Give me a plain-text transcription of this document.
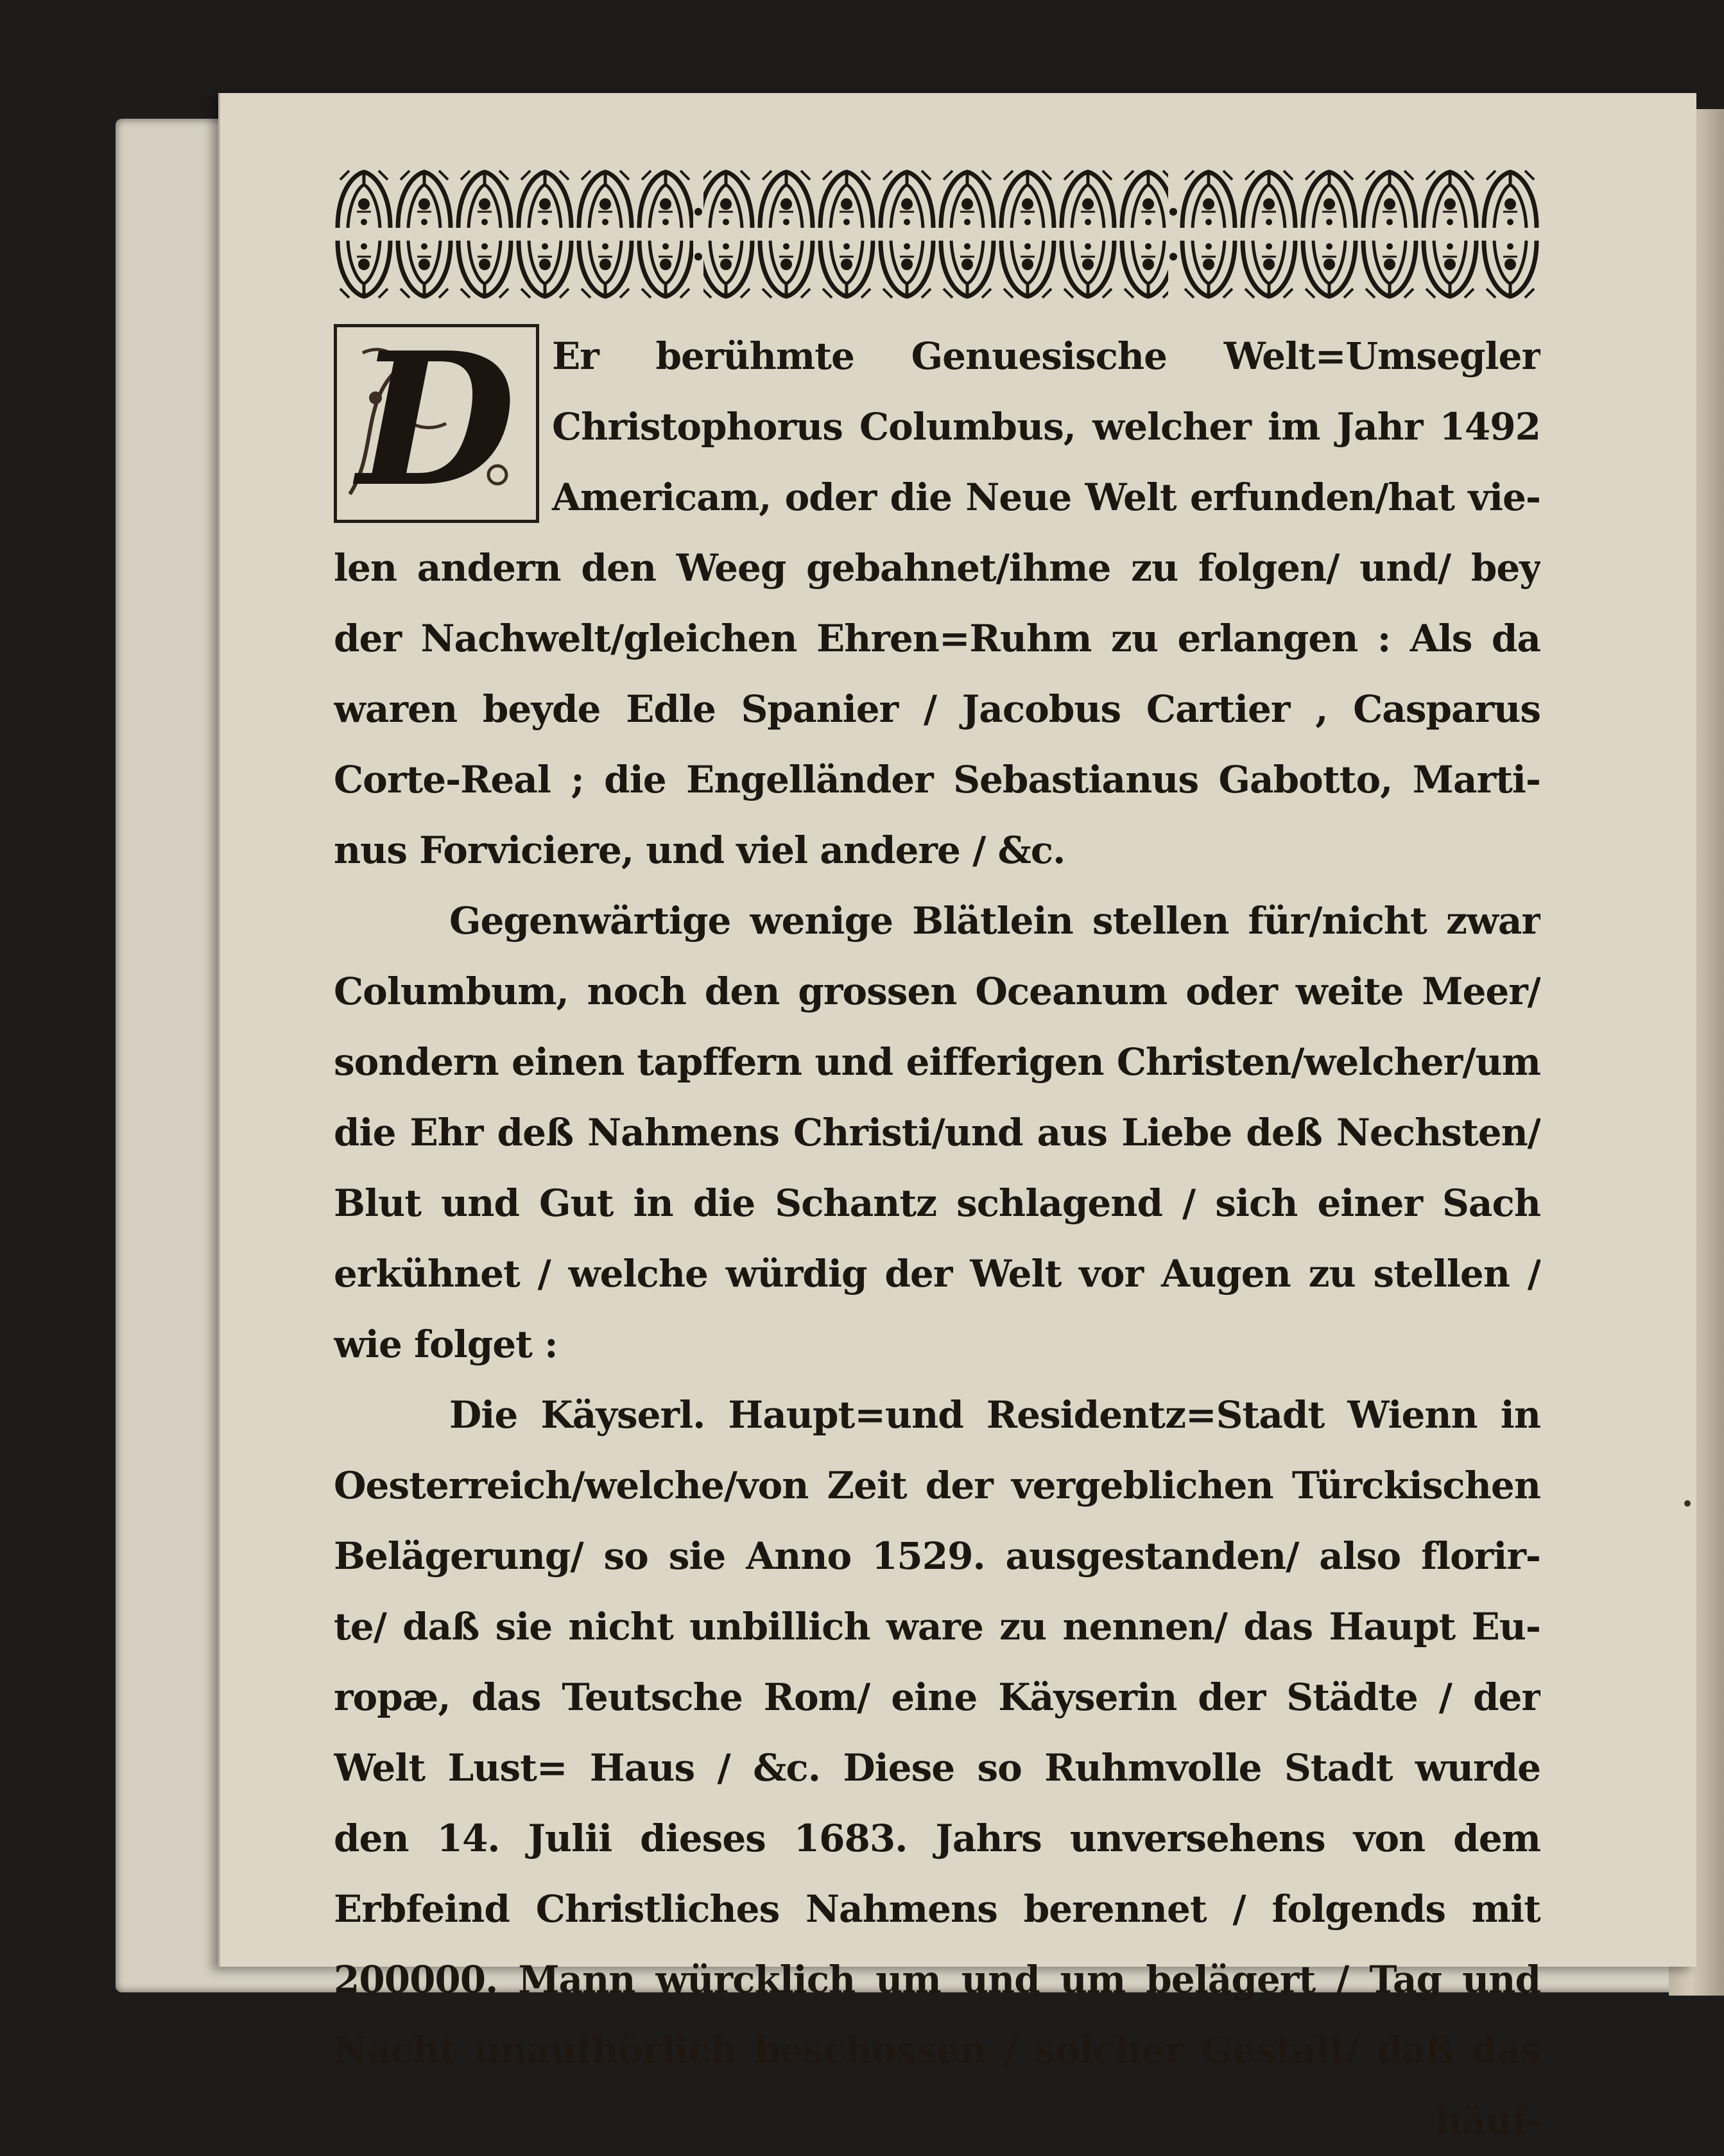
D Er berühmte Genuesische Welt=Umsegler
Christophorus Columbus, welcher im Jahr 1492
Americam, oder die Neue Welt erfunden/hat vie-
len andern den Weeg gebahnet/ihme zu folgen/ und/ bey
der Nachwelt/gleichen Ehren=Ruhm zu erlangen : Als da
waren beyde Edle Spanier / Jacobus Cartier , Casparus
Corte-Real ; die Engelländer Sebastianus Gabotto, Marti-
nus Forviciere, und viel andere / &c.
Gegenwärtige wenige Blätlein stellen für/nicht zwar
Columbum, noch den grossen Oceanum oder weite Meer/
sondern einen tapffern und eifferigen Christen/welcher/um
die Ehr deß Nahmens Christi/und aus Liebe deß Nechsten/
Blut und Gut in die Schantz schlagend / sich einer Sach
erkühnet / welche würdig der Welt vor Augen zu stellen /
wie folget :
Die Käyserl. Haupt=und Residentz=Stadt Wienn in
Oesterreich/welche/von Zeit der vergeblichen Türckischen
Belägerung/ so sie Anno 1529. ausgestanden/ also florir-
te/ daß sie nicht unbillich ware zu nennen/ das Haupt Eu-
ropæ, das Teutsche Rom/ eine Käyserin der Städte / der
Welt Lust= Haus / &c. Diese so Ruhmvolle Stadt wurde
den 14. Julii dieses 1683. Jahrs unversehens von dem
Erbfeind Christliches Nahmens berennet / folgends mit
200000. Mann würcklich um und um belägert / Tag und
Nacht unaufhörlich beschossen / solcher Gestalt/ daß das
häuf-
